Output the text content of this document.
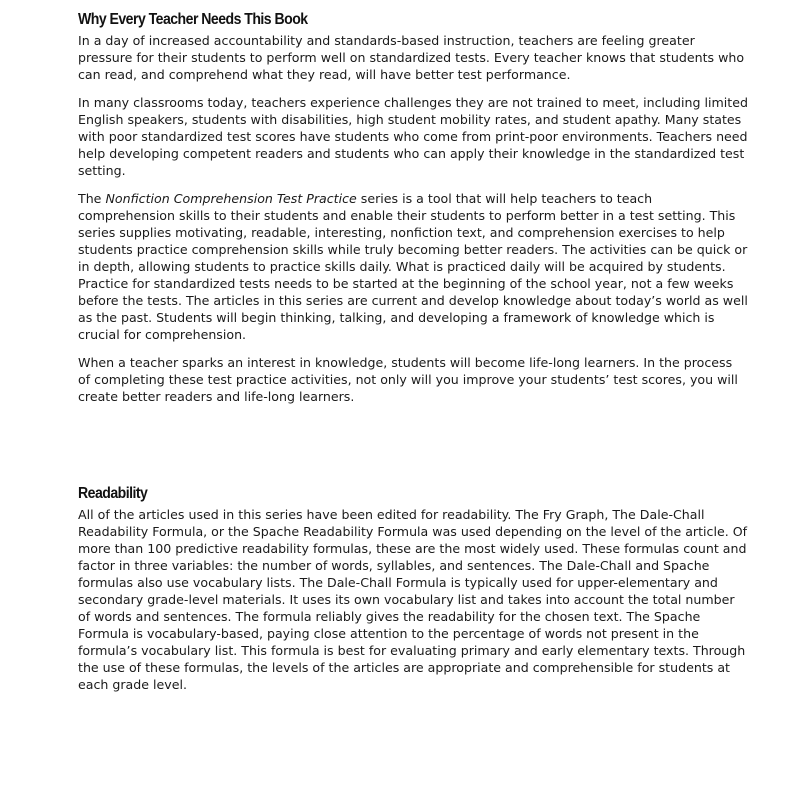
Why Every Teacher Needs This Book

In a day of increased accountability and standards-based instruction, teachers are feeling greater pressure for their students to perform well on standardized tests. Every teacher knows that students who can read, and comprehend what they read, will have better test performance.

In many classrooms today, teachers experience challenges they are not trained to meet, including limited English speakers, students with disabilities, high student mobility rates, and student apathy. Many states with poor standardized test scores have students who come from print-poor environments. Teachers need help developing competent readers and students who can apply their knowledge in the standardized test setting.

The Nonfiction Comprehension Test Practice series is a tool that will help teachers to teach comprehension skills to their students and enable their students to perform better in a test setting. This series supplies motivating, readable, interesting, nonfiction text, and comprehension exercises to help students practice comprehension skills while truly becoming better readers. The activities can be quick or in depth, allowing students to practice skills daily. What is practiced daily will be acquired by students. Practice for standardized tests needs to be started at the beginning of the school year, not a few weeks before the tests. The articles in this series are current and develop knowledge about today’s world as well as the past. Students will begin thinking, talking, and developing a framework of knowledge which is crucial for comprehension.

When a teacher sparks an interest in knowledge, students will become life-long learners. In the process of completing these test practice activities, not only will you improve your students’ test scores, you will create better readers and life-long learners.

Readability

All of the articles used in this series have been edited for readability. The Fry Graph, The Dale-Chall Readability Formula, or the Spache Readability Formula was used depending on the level of the article. Of more than 100 predictive readability formulas, these are the most widely used. These formulas count and factor in three variables: the number of words, syllables, and sentences. The Dale-Chall and Spache formulas also use vocabulary lists. The Dale-Chall Formula is typically used for upper-elementary and secondary grade-level materials. It uses its own vocabulary list and takes into account the total number of words and sentences. The formula reliably gives the readability for the chosen text. The Spache Formula is vocabulary-based, paying close attention to the percentage of words not present in the formula’s vocabulary list. This formula is best for evaluating primary and early elementary texts. Through the use of these formulas, the levels of the articles are appropriate and comprehensible for students at each grade level.
